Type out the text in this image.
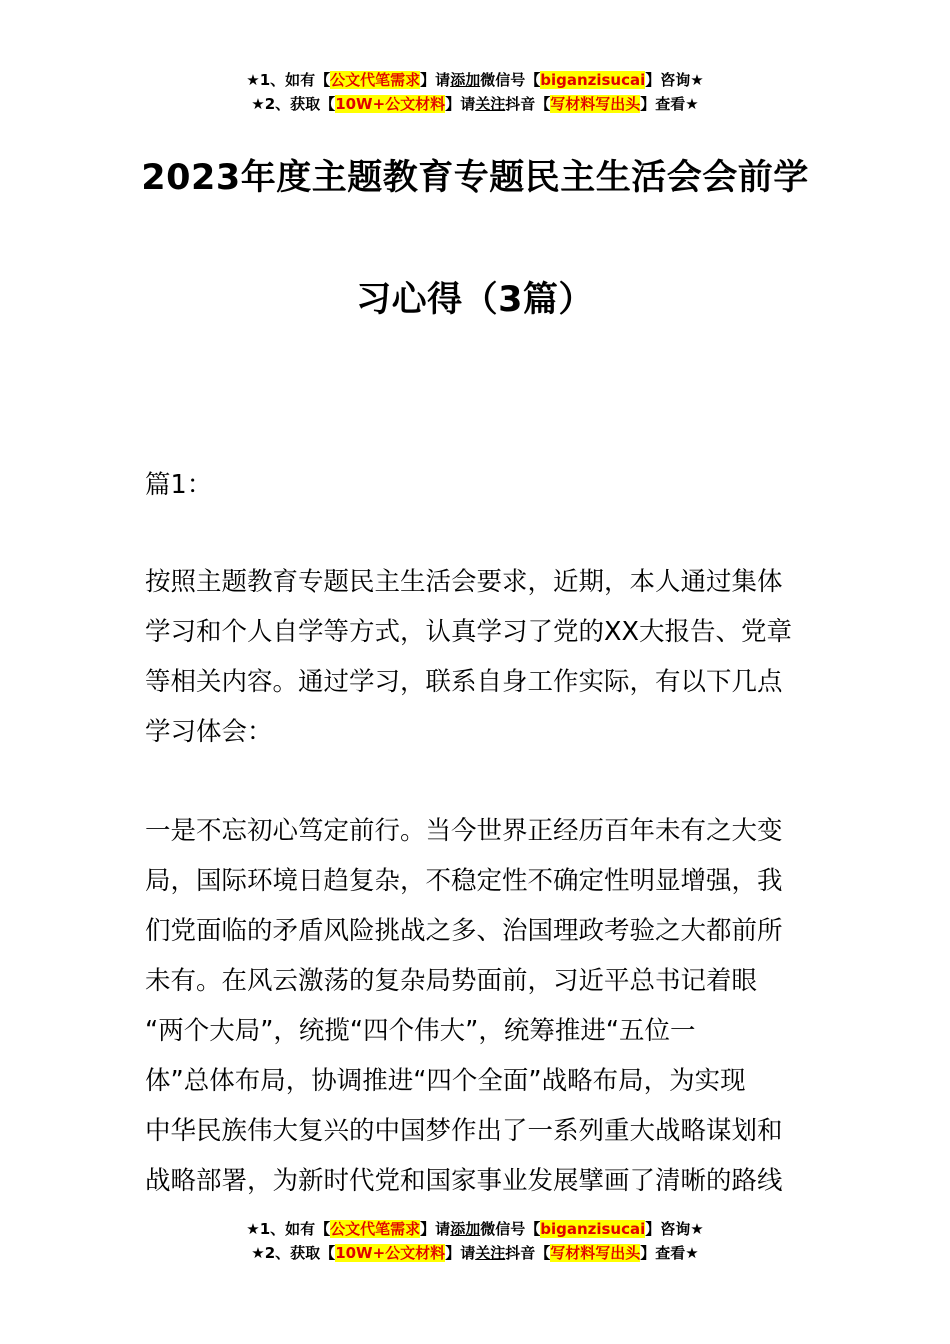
★1、如有【公文代笔需求】请添加微信号【biganzisucai】咨询★
★2、获取【10W+公文材料】请关注抖音【写材料写出头】查看★
2023年度主题教育专题民主生活会会前学
习心得（3篇）
篇1：
按照主题教育专题民主生活会要求，近期，本人通过集体
学习和个人自学等方式，认真学习了党的XX大报告、党章
等相关内容。通过学习，联系自身工作实际，有以下几点
学习体会：
一是不忘初心笃定前行。当今世界正经历百年未有之大变
局，国际环境日趋复杂，不稳定性不确定性明显增强，我
们党面临的矛盾风险挑战之多、治国理政考验之大都前所
未有。在风云激荡的复杂局势面前，习近平总书记着眼
“两个大局”，统揽“四个伟大”，统筹推进“五位一
体”总体布局，协调推进“四个全面”战略布局，为实现
中华民族伟大复兴的中国梦作出了一系列重大战略谋划和
战略部署，为新时代党和国家事业发展擘画了清晰的路线
★1、如有【公文代笔需求】请添加微信号【biganzisucai】咨询★
★2、获取【10W+公文材料】请关注抖音【写材料写出头】查看★
